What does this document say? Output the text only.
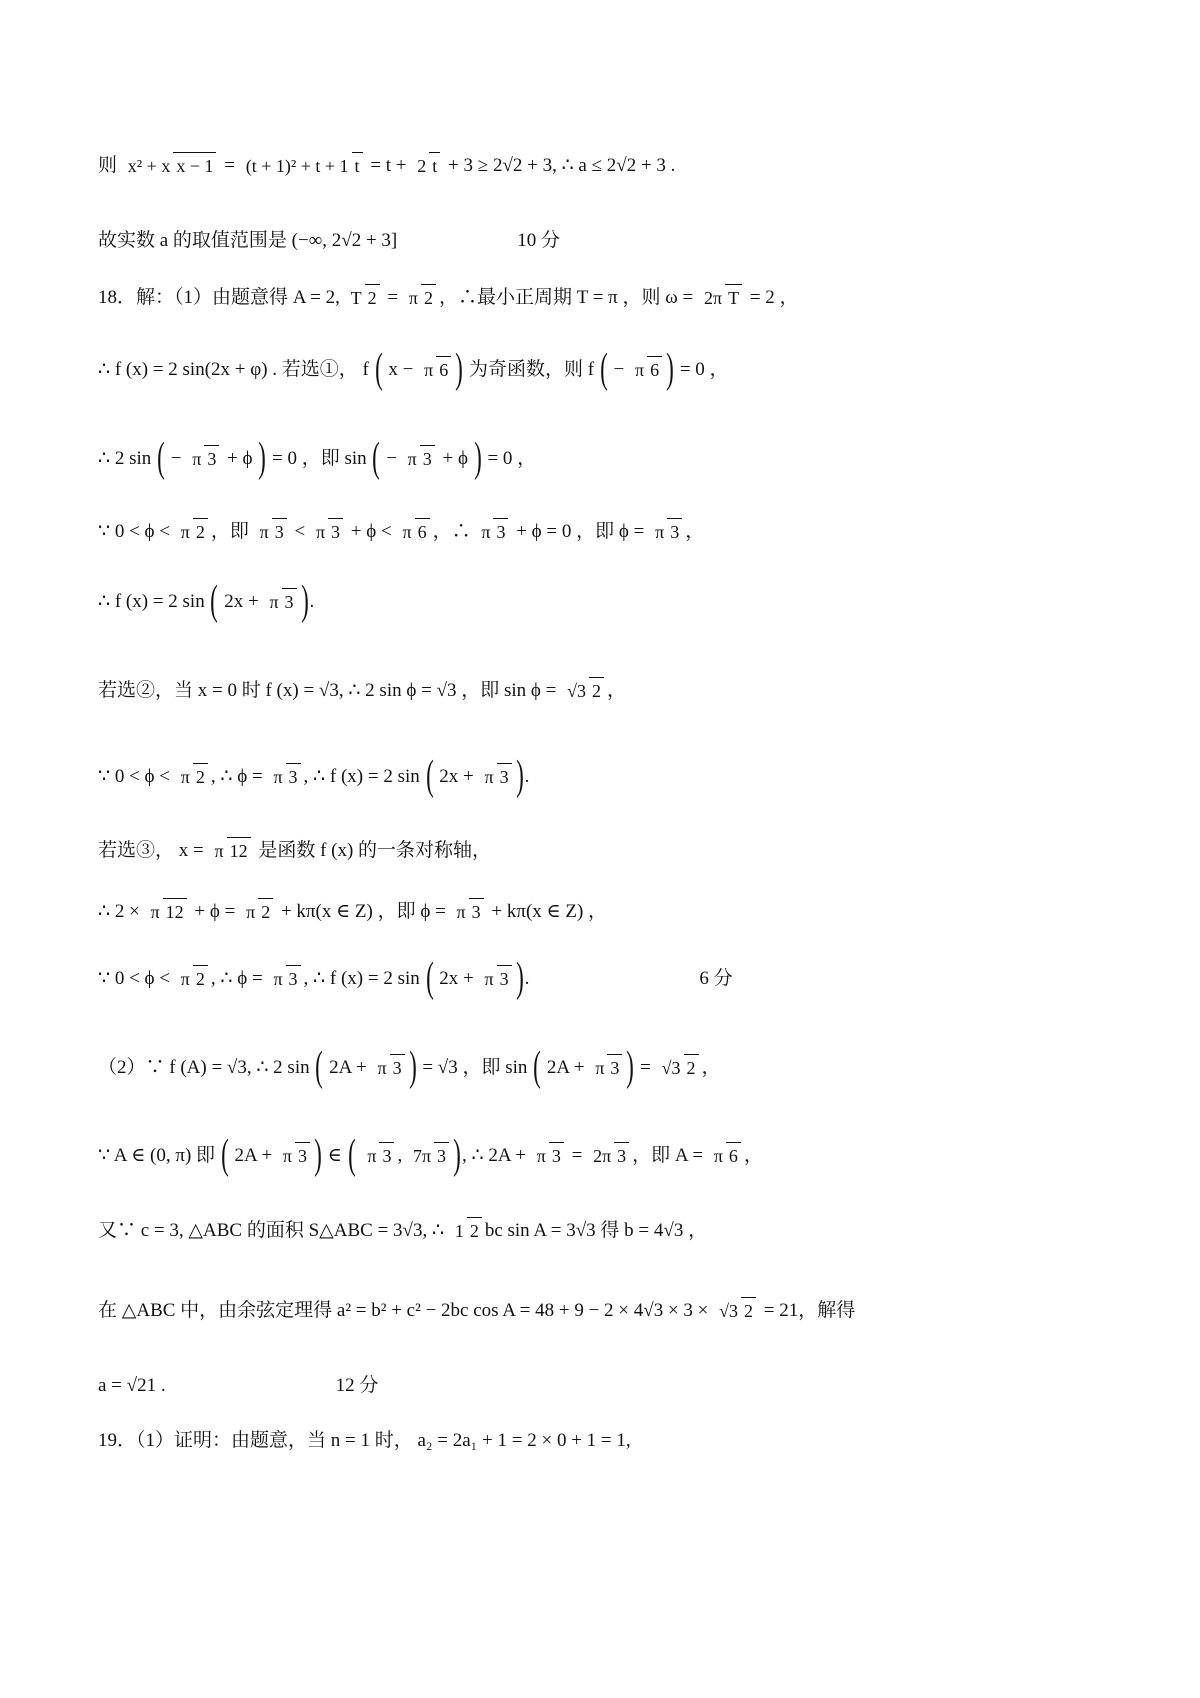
则 x² + x x − 1 = (t + 1)² + t + 1 t = t + 2 t + 3 ≥ 2√2 + 3, ∴ a ≤ 2√2 + 3 .
故实数 a 的取值范围是 (−∞, 2√2 + 3]	10 分
18．解：（1）由题意得 A = 2, T 2 = π 2 ，∴最小正周期 T = π ，则 ω = 2π T = 2 ，
∴ f (x) = 2 sin(2x + φ) . 若选①， f ( x − π 6 ) 为奇函数，则 f ( − π 6 ) = 0 ，
∴ 2 sin ( − π 3 + ϕ ) = 0 ，即 sin ( − π 3 + ϕ ) = 0 ，
∵ 0 < ϕ < π 2 ，即 π 3 < π 3 + ϕ < π 6 ，∴ π 3 + ϕ = 0 ，即 ϕ = π 3 ，
∴ f (x) = 2 sin ( 2x + π 3 ) .
若选②，当 x = 0 时 f (x) = √3, ∴ 2 sin ϕ = √3 ，即 sin ϕ = √3 2 ，
∵ 0 < ϕ < π 2 , ∴ ϕ = π 3 , ∴ f (x) = 2 sin ( 2x + π 3 ) .
若选③， x = π 12 是函数 f (x) 的一条对称轴，
∴ 2 × π 12 + ϕ = π 2 + kπ(x ∈ Z) ，即 ϕ = π 3 + kπ(x ∈ Z) ，
∵ 0 < ϕ < π 2 , ∴ ϕ = π 3 , ∴ f (x) = 2 sin ( 2x + π 3 ) .	6 分
（2）∵ f (A) = √3, ∴ 2 sin ( 2A + π 3 ) = √3 ，即 sin ( 2A + π 3 ) = √3 2 ，
∵ A ∈ (0, π) 即 ( 2A + π 3 ) ∈ (
π 3 , 7π 3 ) , ∴ 2A + π 3 = 2π 3 ，即 A = π 6 ，
又∵ c = 3, △ABC 的面积 S△ABC = 3√3, ∴ 1 2 bc sin A = 3√3 得 b = 4√3 ，
在 △ABC 中，由余弦定理得 a² = b² + c² − 2bc cos A = 48 + 9 − 2 × 4√3 × 3 × √3 2 = 21，解得
a = √21 .	12 分
19．（1）证明：由题意，当 n = 1 时， a₂ = 2a₁ + 1 = 2 × 0 + 1 = 1,
